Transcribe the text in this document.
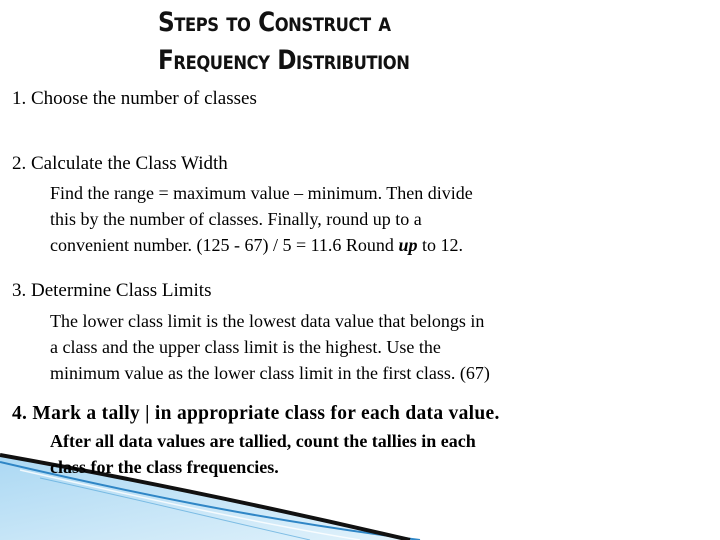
Steps to Construct a
Frequency Distribution
1. Choose the number of classes
2. Calculate the Class Width
Find the range = maximum value – minimum. Then divide
this by the number of classes. Finally, round up to a
convenient number. (125 - 67) / 5 = 11.6 Round up to 12.
3. Determine Class Limits
The lower class limit is the lowest data value that belongs in
a class and the upper class limit is the highest. Use the
minimum value as the lower class limit in the first class. (67)
4. Mark a tally | in appropriate class for each data value.
After all data values are tallied, count the tallies in each
class for the class frequencies.
